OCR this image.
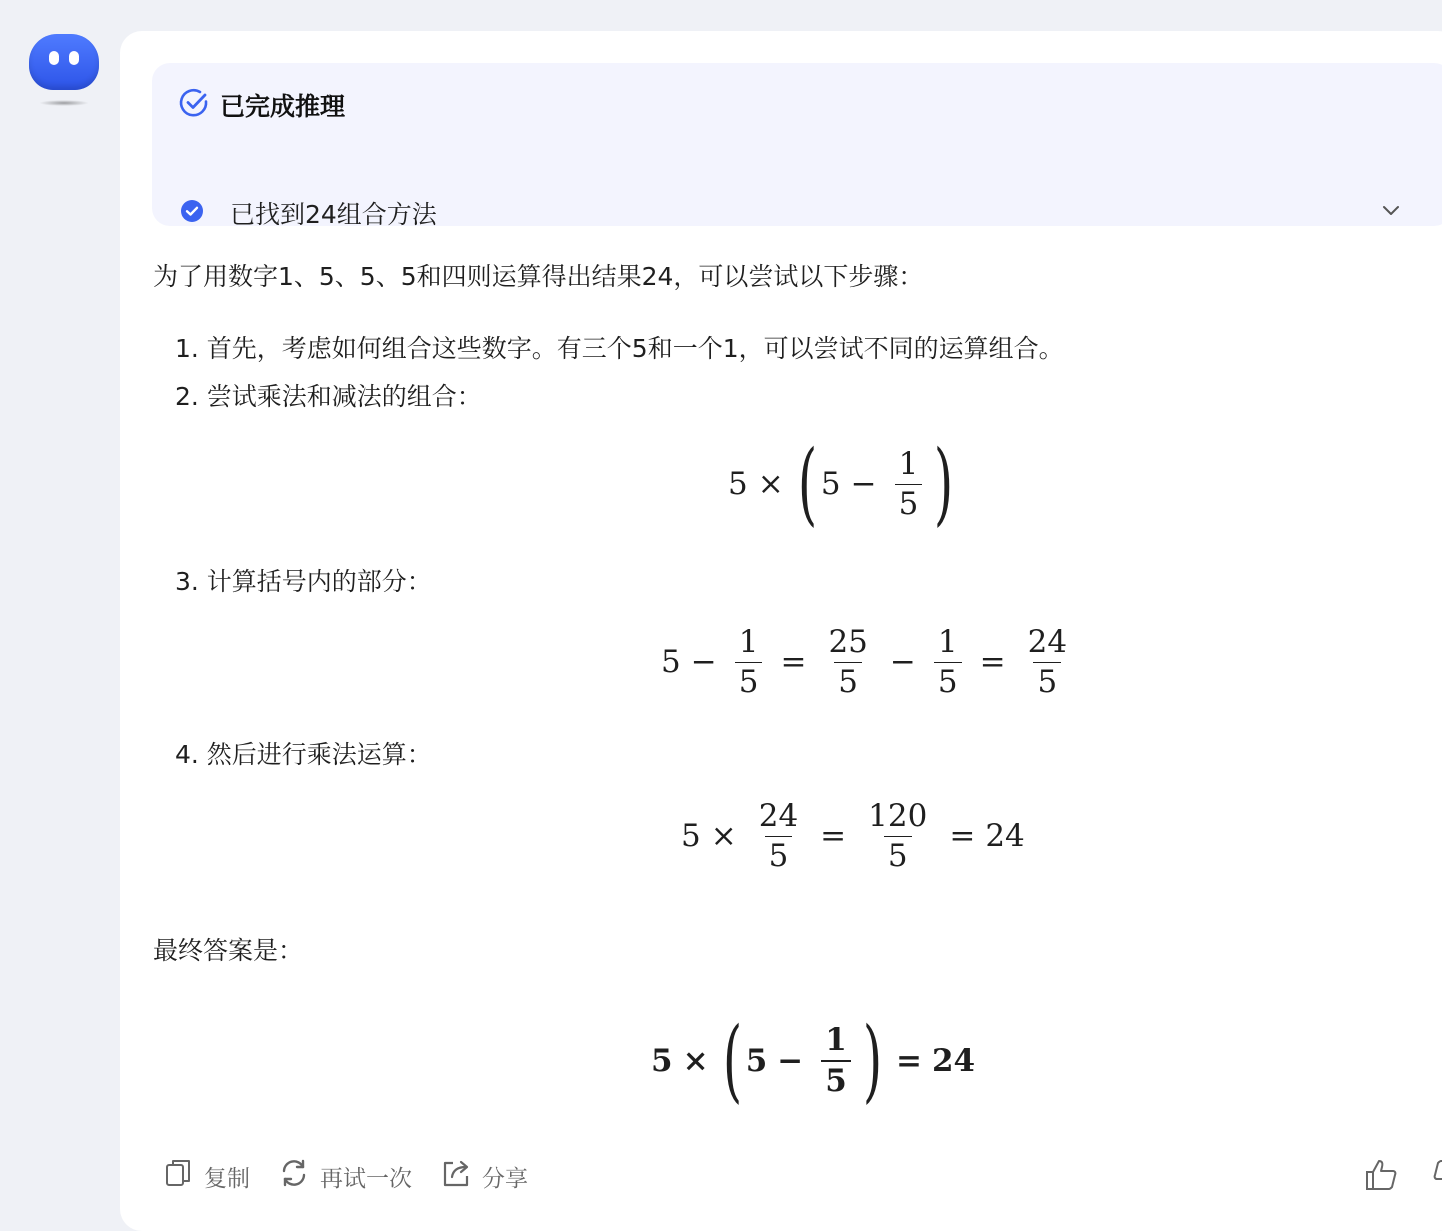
已完成推理
已找到24组合方法
为了用数字1、5、5、5和四则运算得出结果24，可以尝试以下步骤：
1. 首先，考虑如何组合这些数字。有三个5和一个1，可以尝试不同的运算组合。
2. 尝试乘法和减法的组合：
5 × ( $5 - \frac{1}{5}$ )
3. 计算括号内的部分：
$5 - \frac{1}{5} = \frac{25}{5} - \frac{1}{5} = \frac{24}{5}$
4. 然后进行乘法运算：
$5 \times \frac{24}{5} = \frac{120}{5} = 24$
最终答案是：
5 × ( $5 - \frac{1}{5}$ ) = 24
复制	再试一次	分享
